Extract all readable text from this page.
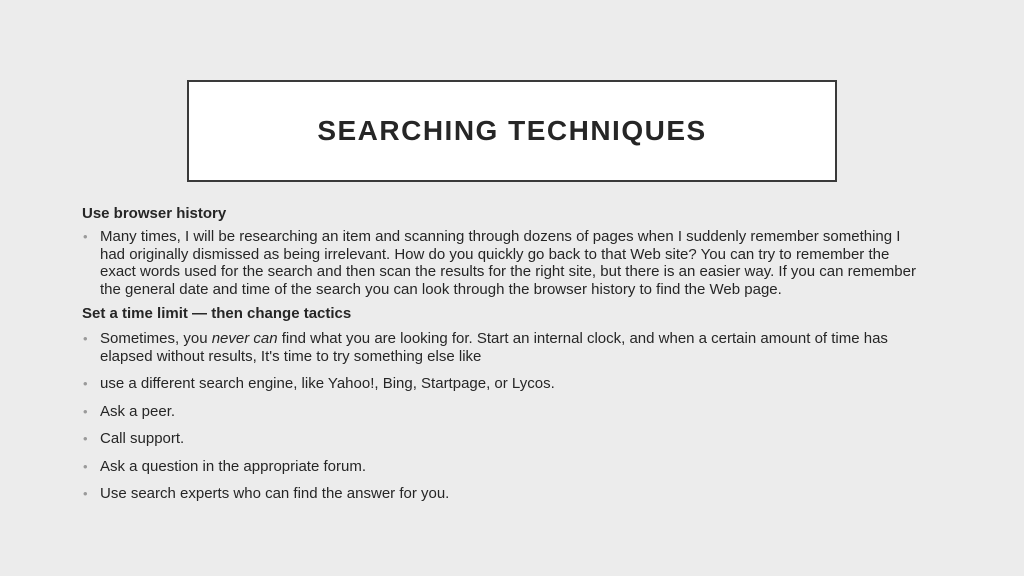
SEARCHING TECHNIQUES

Use browser history

• Many times, I will be researching an item and scanning through dozens of pages when I suddenly remember something I had originally dismissed as being irrelevant. How do you quickly go back to that Web site? You can try to remember the exact words used for the search and then scan the results for the right site, but there is an easier way. If you can remember the general date and time of the search you can look through the browser history to find the Web page.

Set a time limit — then change tactics

• Sometimes, you never can find what you are looking for. Start an internal clock, and when a certain amount of time has elapsed without results, It's time to try something else like
• use a different search engine, like Yahoo!, Bing, Startpage, or Lycos.
• Ask a peer.
• Call support.
• Ask a question in the appropriate forum.
• Use search experts who can find the answer for you.
